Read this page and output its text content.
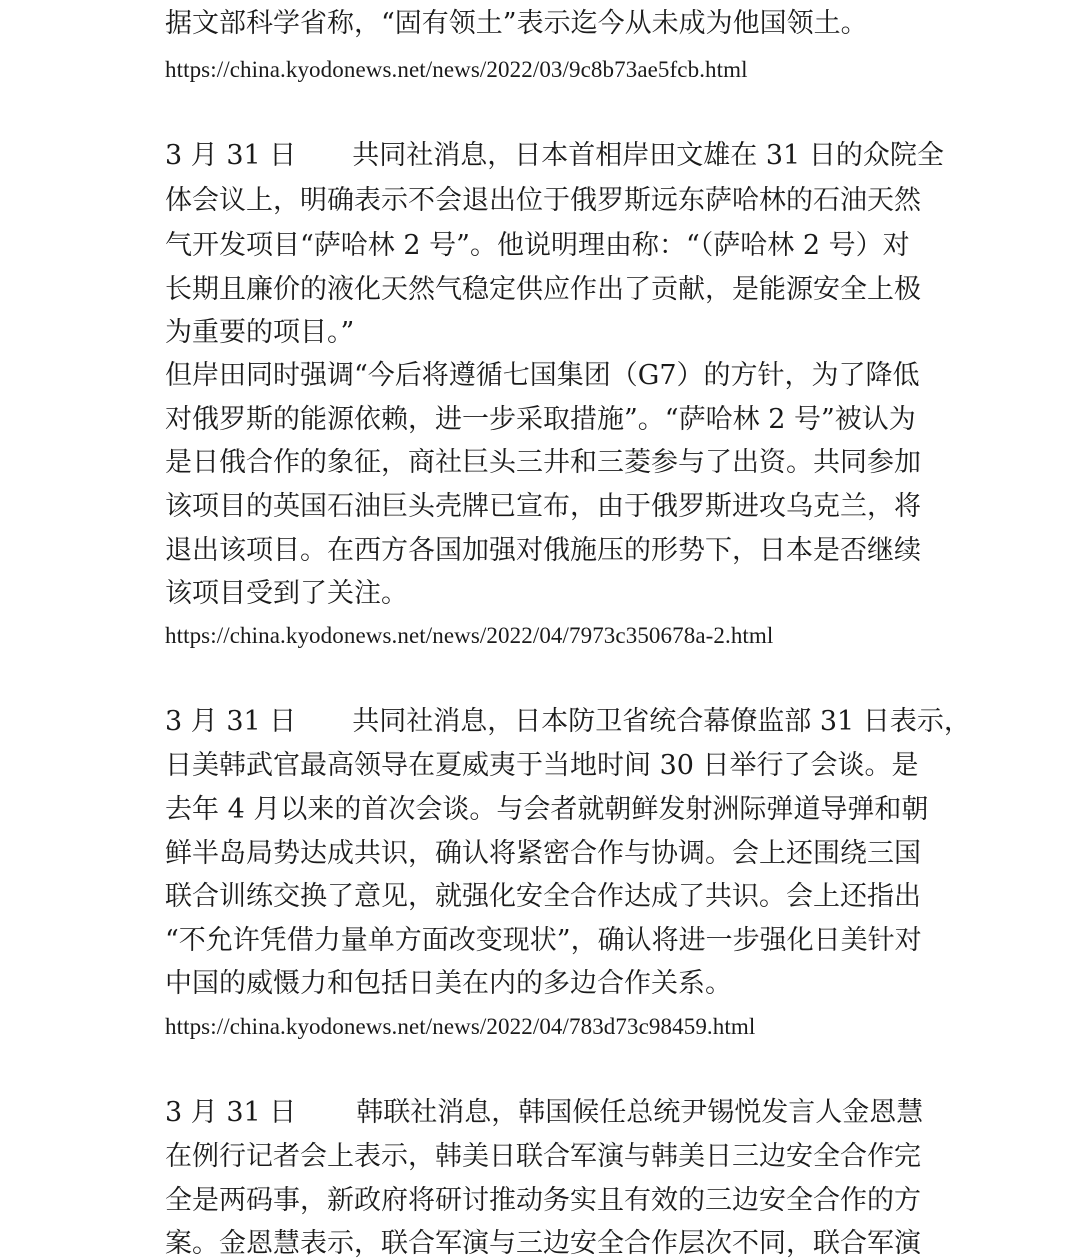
据文部科学省称，“固有领土”表示迄今从未成为他国领土。
https://china.kyodonews.net/news/2022/03/9c8b73ae5fcb.html
3 月 31 日 共同社消息，日本首相岸田文雄在 31 日的众院全
体会议上，明确表示不会退出位于俄罗斯远东萨哈林的石油天然
气开发项目“萨哈林 2 号”。他说明理由称：“（萨哈林 2 号）对
长期且廉价的液化天然气稳定供应作出了贡献，是能源安全上极
为重要的项目。”
但岸田同时强调“今后将遵循七国集团（G7）的方针，为了降低
对俄罗斯的能源依赖，进一步采取措施”。“萨哈林 2 号”被认为
是日俄合作的象征，商社巨头三井和三菱参与了出资。共同参加
该项目的英国石油巨头壳牌已宣布，由于俄罗斯进攻乌克兰，将
退出该项目。在西方各国加强对俄施压的形势下，日本是否继续
该项目受到了关注。
https://china.kyodonews.net/news/2022/04/7973c350678a-2.html
3 月 31 日 共同社消息，日本防卫省统合幕僚监部 31 日表示，
日美韩武官最高领导在夏威夷于当地时间 30 日举行了会谈。是
去年 4 月以来的首次会谈。与会者就朝鲜发射洲际弹道导弹和朝
鲜半岛局势达成共识，确认将紧密合作与协调。会上还围绕三国
联合训练交换了意见，就强化安全合作达成了共识。会上还指出
“不允许凭借力量单方面改变现状”，确认将进一步强化日美针对
中国的威慑力和包括日美在内的多边合作关系。
https://china.kyodonews.net/news/2022/04/783d73c98459.html
3 月 31 日 韩联社消息，韩国候任总统尹锡悦发言人金恩慧
在例行记者会上表示，韩美日联合军演与韩美日三边安全合作完
全是两码事，新政府将研讨推动务实且有效的三边安全合作的方
案。金恩慧表示，联合军演与三边安全合作层次不同，联合军演
